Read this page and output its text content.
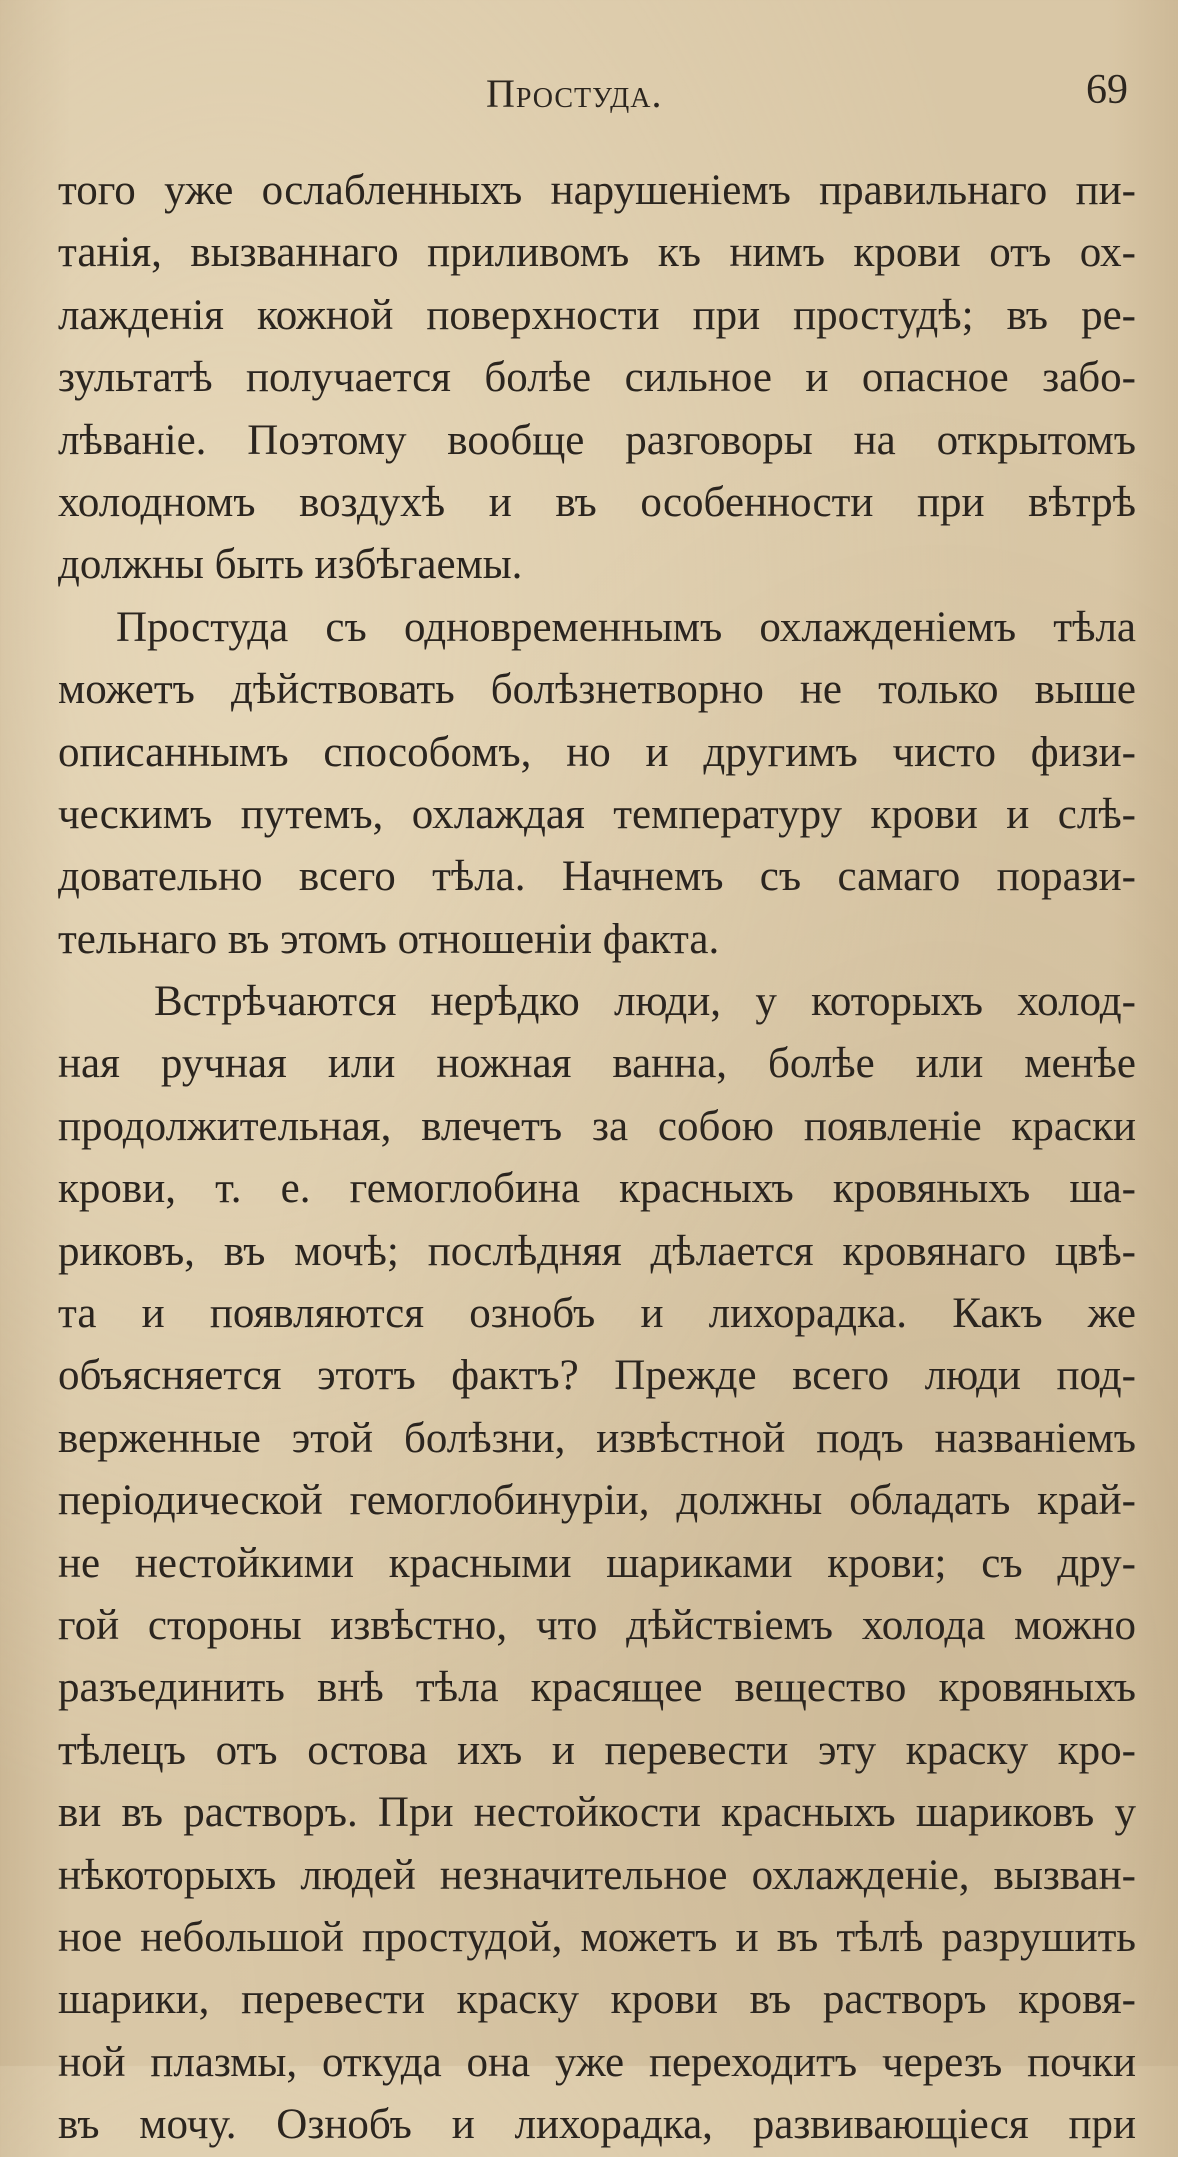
Простуда.	69
того уже ослабленныхъ нарушенiемъ правильнаго пи-
танiя, вызваннаго приливомъ къ нимъ крови отъ ох-
лажденiя кожной поверхности при простудѣ; въ ре-
зультатѣ получается болѣе сильное и опасное забо-
лѣванiе. Поэтому вообще разговоры на открытомъ
холодномъ воздухѣ и въ особенности при вѣтрѣ
должны быть избѣгаемы.
Простуда съ одновременнымъ охлажденiемъ тѣла
можетъ дѣйствовать болѣзнетворно не только выше
описаннымъ способомъ, но и другимъ чисто физи-
ческимъ путемъ, охлаждая температуру крови и слѣ-
довательно всего тѣла. Начнемъ съ самаго порази-
тельнаго въ этомъ отношенiи факта.
Встрѣчаются нерѣдко люди, у которыхъ холод-
ная ручная или ножная ванна, болѣе или менѣе
продолжительная, влечетъ за собою появленiе краски
крови, т. е. гемоглобина красныхъ кровяныхъ ша-
риковъ, въ мочѣ; послѣдняя дѣлается кровянаго цвѣ-
та и появляются ознобъ и лихорадка. Какъ же
объясняется этотъ фактъ? Прежде всего люди под-
верженные этой болѣзни, извѣстной подъ названiемъ
перiодической гемоглобинурiи, должны обладать край-
не нестойкими красными шариками крови; съ дру-
гой стороны извѣстно, что дѣйствiемъ холода можно
разъединить внѣ тѣла красящее вещество кровяныхъ
тѣлецъ отъ остова ихъ и перевести эту краску кро-
ви въ растворъ. При нестойкости красныхъ шариковъ у
нѣкоторыхъ людей незначительное охлажденiе, вызван-
ное небольшой простудой, можетъ и въ тѣлѣ разрушить
шарики, перевести краску крови въ растворъ кровя-
ной плазмы, откуда она уже переходитъ черезъ почки
въ мочу. Ознобъ и лихорадка, развивающiеся при
